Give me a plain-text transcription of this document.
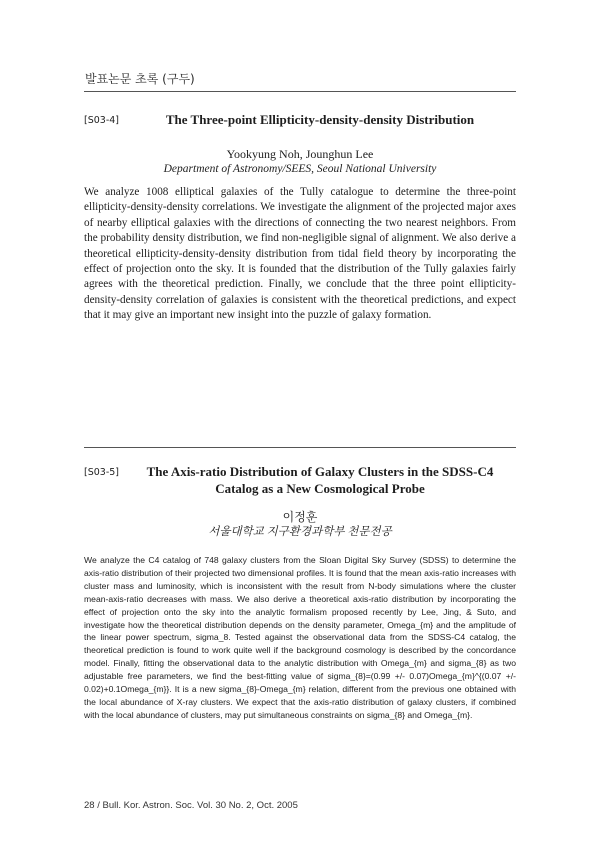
발표논문 초록 (구두)
[S03-4]	The Three-point Ellipticity-density-density Distribution
Yookyung Noh, Jounghun Lee
Department of Astronomy/SEES, Seoul National University
We analyze 1008 elliptical galaxies of the Tully catalogue to determine the three-point ellipticity-density-density correlations. We investigate the alignment of the projected major axes of nearby elliptical galaxies with the directions of connecting the two nearest neighbors. From the probability density distribution, we find non-negligible signal of alignment. We also derive a theoretical ellipticity-density-density distribution from tidal field theory by incorporating the effect of projection onto the sky. It is founded that the distribution of the Tully galaxies fairly agrees with the theoretical prediction. Finally, we conclude that the three point ellipticity-density-density correlation of galaxies is consistent with the theoretical predictions, and expect that it may give an important new insight into the puzzle of galaxy formation.
[S03-5]	The Axis-ratio Distribution of Galaxy Clusters in the SDSS-C4
Catalog as a New Cosmological Probe
이정훈
서울대학교 지구환경과학부 천문전공
We analyze the C4 catalog of 748 galaxy clusters from the Sloan Digital Sky Survey (SDSS) to determine the axis-ratio distribution of their projected two dimensional profiles. It is found that the mean axis-ratio increases with cluster mass and luminosity, which is inconsistent with the result from N-body simulations where the cluster mean-axis-ratio decreases with mass. We also derive a theoretical axis-ratio distribution by incorporating the effect of projection onto the sky into the analytic formalism proposed recently by Lee, Jing, & Suto, and investigate how the theoretical distribution depends on the density parameter, Omega_{m} and the amplitude of the linear power spectrum, sigma_8. Tested against the observational data from the SDSS-C4 catalog, the theoretical prediction is found to work quite well if the background cosmology is described by the concordance model. Finally, fitting the observational data to the analytic distribution with Omega_{m} and sigma_{8} as two adjustable free parameters, we find the best-fitting value of sigma_{8}=(0.99 +/- 0.07)Omega_{m}^{(0.07 +/- 0.02)+0.1Omega_{m}}. It is a new sigma_{8}-Omega_{m} relation, different from the previous one obtained with the local abundance of X-ray clusters. We expect that the axis-ratio distribution of galaxy clusters, if combined with the local abundance of clusters, may put simultaneous constraints on sigma_{8} and Omega_{m}.
28 / Bull. Kor. Astron. Soc. Vol. 30 No. 2, Oct. 2005
